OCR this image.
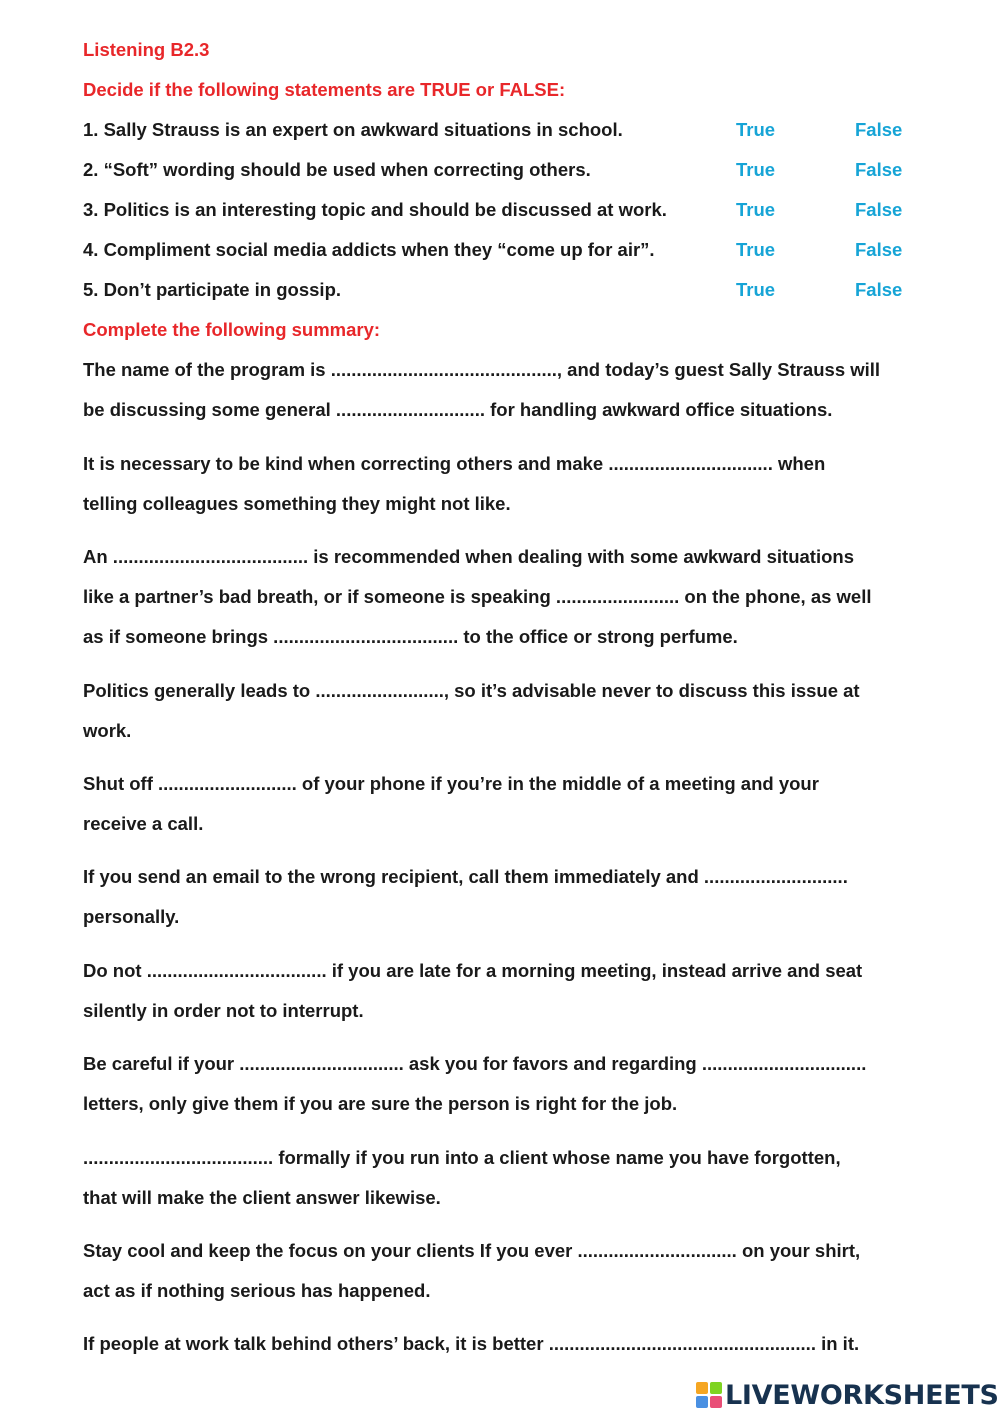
Listening B2.3
Decide if the following statements are TRUE or FALSE:
1. Sally Strauss is an expert on awkward situations in school.	True	False
2. “Soft” wording should be used when correcting others.	True	False
3. Politics is an interesting topic and should be discussed at work.	True	False
4. Compliment social media addicts when they “come up for air”.	True	False
5. Don’t participate in gossip.	True	False
Complete the following summary:
The name of the program is ............................................, and today’s guest Sally Strauss will
be discussing some general ............................. for handling awkward office situations.
It is necessary to be kind when correcting others and make ................................ when
telling colleagues something they might not like.
An ...................................... is recommended when dealing with some awkward situations
like a partner’s bad breath, or if someone is speaking ........................ on the phone, as well
as if someone brings .................................... to the office or strong perfume.
Politics generally leads to ........................., so it’s advisable never to discuss this issue at
work.
Shut off ........................... of your phone if you’re in the middle of a meeting and your
receive a call.
If you send an email to the wrong recipient, call them immediately and ............................
personally.
Do not ................................... if you are late for a morning meeting, instead arrive and seat
silently in order not to interrupt.
Be careful if your ................................ ask you for favors and regarding ................................
letters, only give them if you are sure the person is right for the job.
..................................... formally if you run into a client whose name you have forgotten,
that will make the client answer likewise.
Stay cool and keep the focus on your clients If you ever ............................... on your shirt,
act as if nothing serious has happened.
If people at work talk behind others’ back, it is better .................................................... in it.
LIVEWORKSHEETS
